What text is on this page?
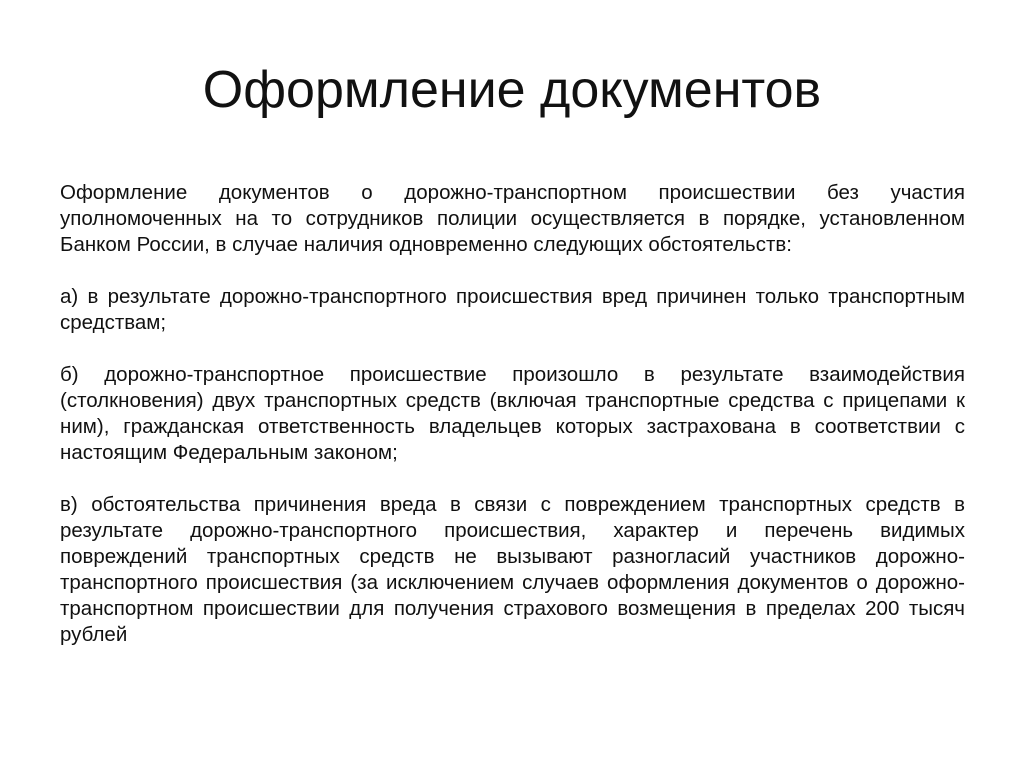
Оформление документов

Оформление документов о дорожно-транспортном происшествии без участия уполномоченных на то сотрудников полиции осуществляется в порядке, установленном Банком России, в случае наличия одновременно следующих обстоятельств:

а) в результате дорожно-транспортного происшествия вред причинен только транспортным средствам;

б) дорожно-транспортное происшествие произошло в результате взаимодействия (столкновения) двух транспортных средств (включая транспортные средства с прицепами к ним), гражданская ответственность владельцев которых застрахована в соответствии с настоящим Федеральным законом;

в) обстоятельства причинения вреда в связи с повреждением транспортных средств в результате дорожно-транспортного происшествия, характер и перечень видимых повреждений транспортных средств не вызывают разногласий участников дорожно-транспортного происшествия (за исключением случаев оформления документов о дорожно-транспортном происшествии для получения страхового возмещения в пределах 200 тысяч рублей
